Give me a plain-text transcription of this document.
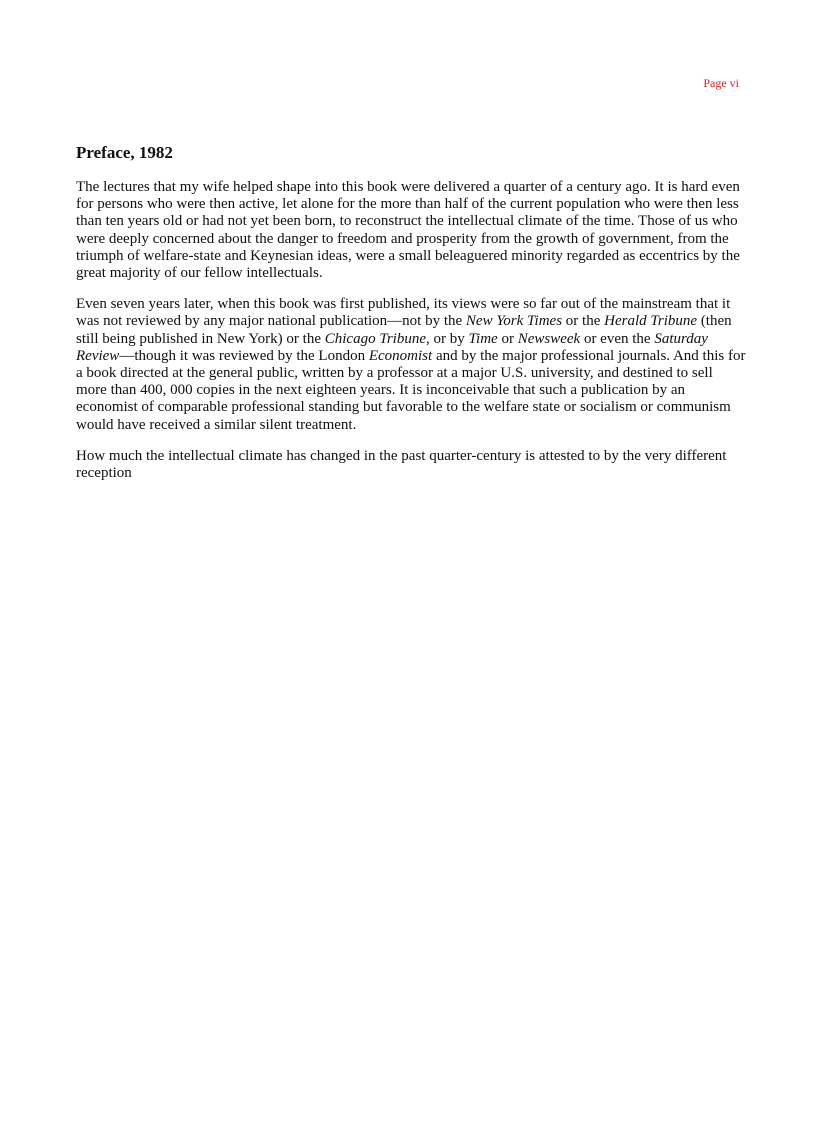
Page vi
Preface, 1982

The lectures that my wife helped shape into this book were delivered a quarter of a century ago. It is hard even for persons who were then active, let alone for the more than half of the current population who were then less than ten years old or had not yet been born, to reconstruct the intellectual climate of the time. Those of us who were deeply concerned about the danger to freedom and prosperity from the growth of government, from the triumph of welfare-state and Keynesian ideas, were a small beleaguered minority regarded as eccentrics by the great majority of our fellow intellectuals.

Even seven years later, when this book was first published, its views were so far out of the mainstream that it was not reviewed by any major national publication—not by the New York Times or the Herald Tribune (then still being published in New York) or the Chicago Tribune, or by Time or Newsweek or even the Saturday Review—though it was reviewed by the London Economist and by the major professional journals. And this for a book directed at the general public, written by a professor at a major U.S. university, and destined to sell more than 400, 000 copies in the next eighteen years. It is inconceivable that such a publication by an economist of comparable professional standing but favorable to the welfare state or socialism or communism would have received a similar silent treatment.

How much the intellectual climate has changed in the past quarter-century is attested to by the very different reception
